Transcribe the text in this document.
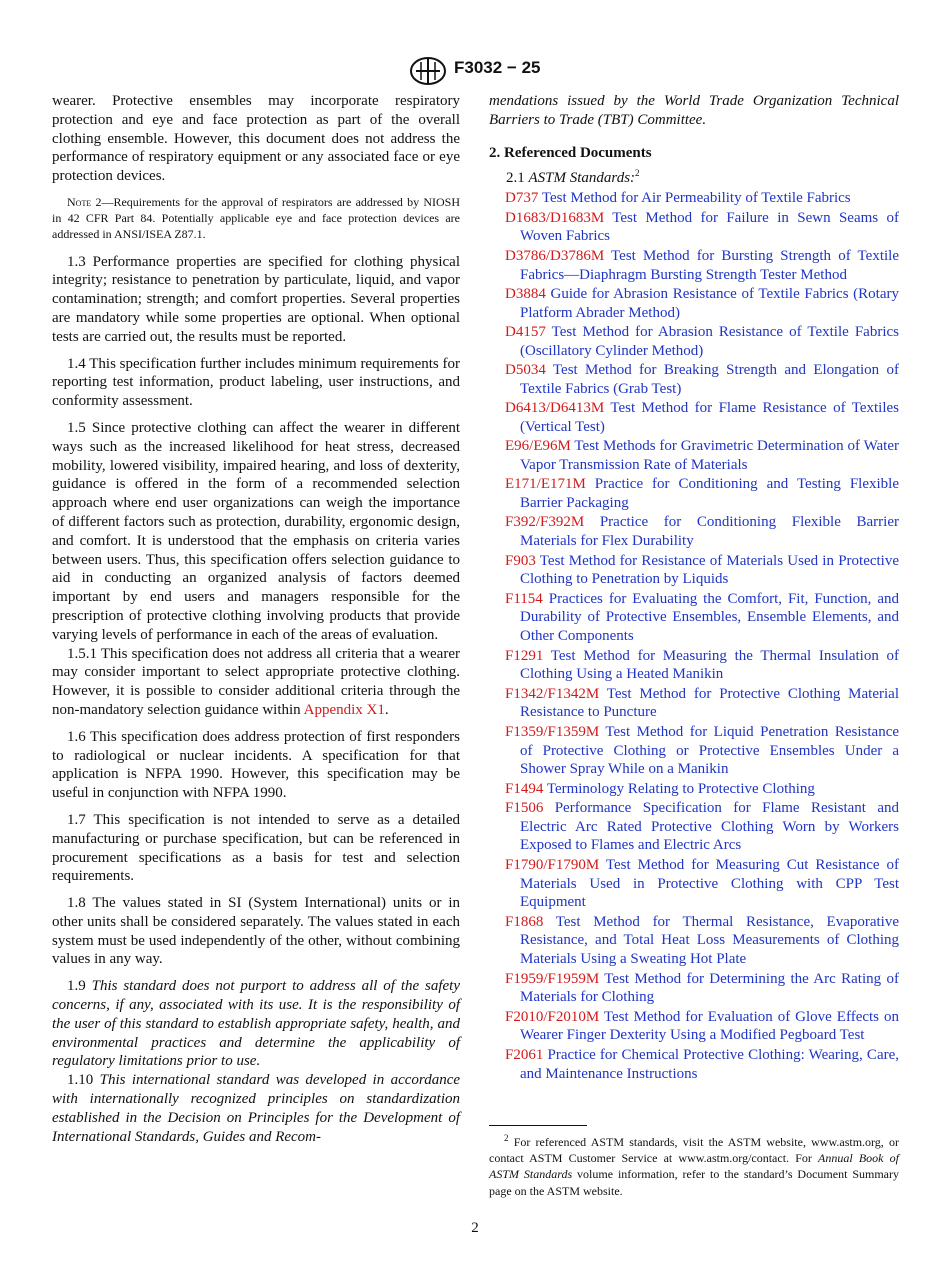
F3032 − 25

wearer. Protective ensembles may incorporate respiratory protection and eye and face protection as part of the overall clothing ensemble. However, this document does not address the performance of respiratory equipment or any associated face or eye protection devices.

Note 2—Requirements for the approval of respirators are addressed by NIOSH in 42 CFR Part 84. Potentially applicable eye and face protection devices are addressed in ANSI/ISEA Z87.1.

1.3 Performance properties are specified for clothing physical integrity; resistance to penetration by particulate, liquid, and vapor contamination; strength; and comfort properties. Several properties are mandatory while some properties are optional. When optional tests are carried out, the results must be reported.

1.4 This specification further includes minimum requirements for reporting test information, product labeling, user instructions, and conformity assessment.

1.5 Since protective clothing can affect the wearer in different ways such as the increased likelihood for heat stress, decreased mobility, lowered visibility, impaired hearing, and loss of dexterity, guidance is offered in the form of a recommended selection approach where end user organizations can weigh the importance of different factors such as protection, durability, ergonomic design, and comfort. It is understood that the emphasis on criteria varies between users. Thus, this specification offers selection guidance to aid in conducting an organized analysis of factors deemed important by end users and managers responsible for the prescription of protective clothing involving products that provide varying levels of performance in each of the areas of evaluation.

1.5.1 This specification does not address all criteria that a wearer may consider important to select appropriate protective clothing. However, it is possible to consider additional criteria through the non-mandatory selection guidance within Appendix X1.

1.6 This specification does address protection of first responders to radiological or nuclear incidents. A specification for that application is NFPA 1990. However, this specification may be useful in conjunction with NFPA 1990.

1.7 This specification is not intended to serve as a detailed manufacturing or purchase specification, but can be referenced in procurement specifications as a basis for test and selection requirements.

1.8 The values stated in SI (System International) units or in other units shall be considered separately. The values stated in each system must be used independently of the other, without combining values in any way.

1.9 This standard does not purport to address all of the safety concerns, if any, associated with its use. It is the responsibility of the user of this standard to establish appropriate safety, health, and environmental practices and determine the applicability of regulatory limitations prior to use.

1.10 This international standard was developed in accordance with internationally recognized principles on standardization established in the Decision on Principles for the Development of International Standards, Guides and Recom-

mendations issued by the World Trade Organization Technical Barriers to Trade (TBT) Committee.

2. Referenced Documents
2.1 ASTM Standards:$^2$
D737 Test Method for Air Permeability of Textile Fabrics
D1683/D1683M Test Method for Failure in Sewn Seams of Woven Fabrics
D3786/D3786M Test Method for Bursting Strength of Textile Fabrics—Diaphragm Bursting Strength Tester Method
D3884 Guide for Abrasion Resistance of Textile Fabrics (Rotary Platform Abrader Method)
D4157 Test Method for Abrasion Resistance of Textile Fabrics (Oscillatory Cylinder Method)
D5034 Test Method for Breaking Strength and Elongation of Textile Fabrics (Grab Test)
D6413/D6413M Test Method for Flame Resistance of Textiles (Vertical Test)
E96/E96M Test Methods for Gravimetric Determination of Water Vapor Transmission Rate of Materials
E171/E171M Practice for Conditioning and Testing Flexible Barrier Packaging
F392/F392M Practice for Conditioning Flexible Barrier Materials for Flex Durability
F903 Test Method for Resistance of Materials Used in Protective Clothing to Penetration by Liquids
F1154 Practices for Evaluating the Comfort, Fit, Function, and Durability of Protective Ensembles, Ensemble Elements, and Other Components
F1291 Test Method for Measuring the Thermal Insulation of Clothing Using a Heated Manikin
F1342/F1342M Test Method for Protective Clothing Material Resistance to Puncture
F1359/F1359M Test Method for Liquid Penetration Resistance of Protective Clothing or Protective Ensembles Under a Shower Spray While on a Manikin
F1494 Terminology Relating to Protective Clothing
F1506 Performance Specification for Flame Resistant and Electric Arc Rated Protective Clothing Worn by Workers Exposed to Flames and Electric Arcs
F1790/F1790M Test Method for Measuring Cut Resistance of Materials Used in Protective Clothing with CPP Test Equipment
F1868 Test Method for Thermal Resistance, Evaporative Resistance, and Total Heat Loss Measurements of Clothing Materials Using a Sweating Hot Plate
F1959/F1959M Test Method for Determining the Arc Rating of Materials for Clothing
F2010/F2010M Test Method for Evaluation of Glove Effects on Wearer Finger Dexterity Using a Modified Pegboard Test
F2061 Practice for Chemical Protective Clothing: Wearing, Care, and Maintenance Instructions
$^2$ For referenced ASTM standards, visit the ASTM website, www.astm.org, or contact ASTM Customer Service at www.astm.org/contact. For Annual Book of ASTM Standards volume information, refer to the standard’s Document Summary page on the ASTM website.
2
